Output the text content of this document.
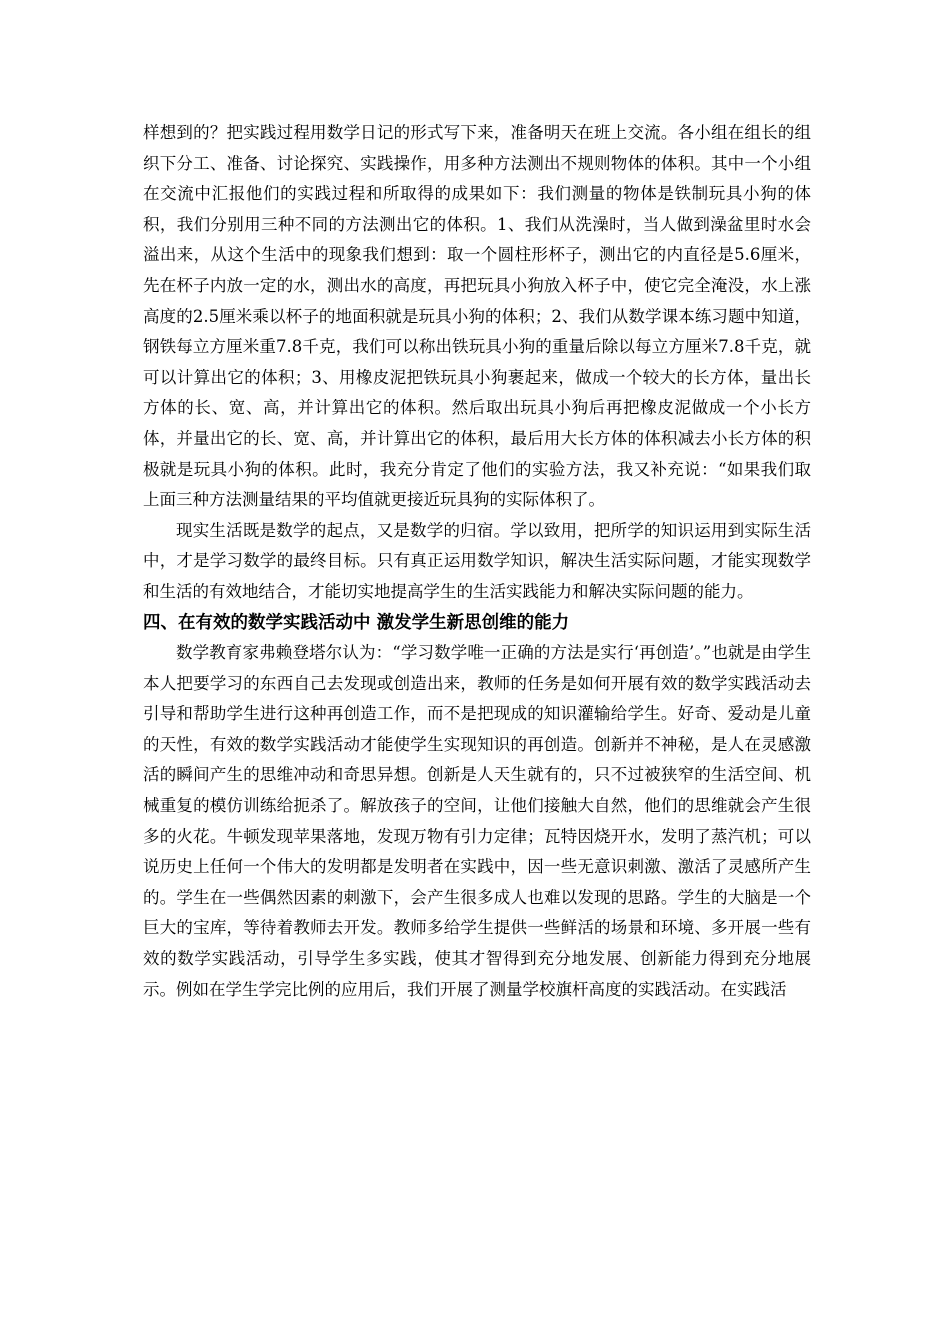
样想到的？把实践过程用数学日记的形式写下来，准备明天在班上交流。各小组在组长的组织下分工、准备、讨论探究、实践操作，用多种方法测出不规则物体的体积。其中一个小组在交流中汇报他们的实践过程和所取得的成果如下：我们测量的物体是铁制玩具小狗的体积，我们分别用三种不同的方法测出它的体积。1、我们从洗澡时，当人做到澡盆里时水会溢出来，从这个生活中的现象我们想到：取一个圆柱形杯子，测出它的内直径是5.6厘米，先在杯子内放一定的水，测出水的高度，再把玩具小狗放入杯子中，使它完全淹没，水上涨高度的2.5厘米乘以杯子的地面积就是玩具小狗的体积；2、我们从数学课本练习题中知道，钢铁每立方厘米重7.8千克，我们可以称出铁玩具小狗的重量后除以每立方厘米7.8千克，就可以计算出它的体积；3、用橡皮泥把铁玩具小狗裹起来，做成一个较大的长方体，量出长方体的长、宽、高，并计算出它的体积。然后取出玩具小狗后再把橡皮泥做成一个小长方体，并量出它的长、宽、高，并计算出它的体积，最后用大长方体的体积减去小长方体的积极就是玩具小狗的体积。此时，我充分肯定了他们的实验方法，我又补充说：“如果我们取上面三种方法测量结果的平均值就更接近玩具狗的实际体积了。

现实生活既是数学的起点，又是数学的归宿。学以致用，把所学的知识运用到实际生活中，才是学习数学的最终目标。只有真正运用数学知识，解决生活实际问题，才能实现数学和生活的有效地结合，才能切实地提高学生的生活实践能力和解决实际问题的能力。

四、在有效的数学实践活动中 激发学生新思创维的能力

数学教育家弗赖登塔尔认为：“学习数学唯一正确的方法是实行‘再创造’。”也就是由学生本人把要学习的东西自己去发现或创造出来，教师的任务是如何开展有效的数学实践活动去引导和帮助学生进行这种再创造工作，而不是把现成的知识灌输给学生。好奇、爱动是儿童的天性，有效的数学实践活动才能使学生实现知识的再创造。创新并不神秘，是人在灵感激活的瞬间产生的思维冲动和奇思异想。创新是人天生就有的，只不过被狭窄的生活空间、机械重复的模仿训练给扼杀了。解放孩子的空间，让他们接触大自然，他们的思维就会产生很多的火花。牛顿发现苹果落地，发现万物有引力定律；瓦特因烧开水，发明了蒸汽机；可以说历史上任何一个伟大的发明都是发明者在实践中，因一些无意识刺激、激活了灵感所产生的。学生在一些偶然因素的刺激下，会产生很多成人也难以发现的思路。学生的大脑是一个巨大的宝库，等待着教师去开发。教师多给学生提供一些鲜活的场景和环境、多开展一些有效的数学实践活动，引导学生多实践，使其才智得到充分地发展、创新能力得到充分地展示。例如在学生学完比例的应用后，我们开展了测量学校旗杆高度的实践活动。在实践活
